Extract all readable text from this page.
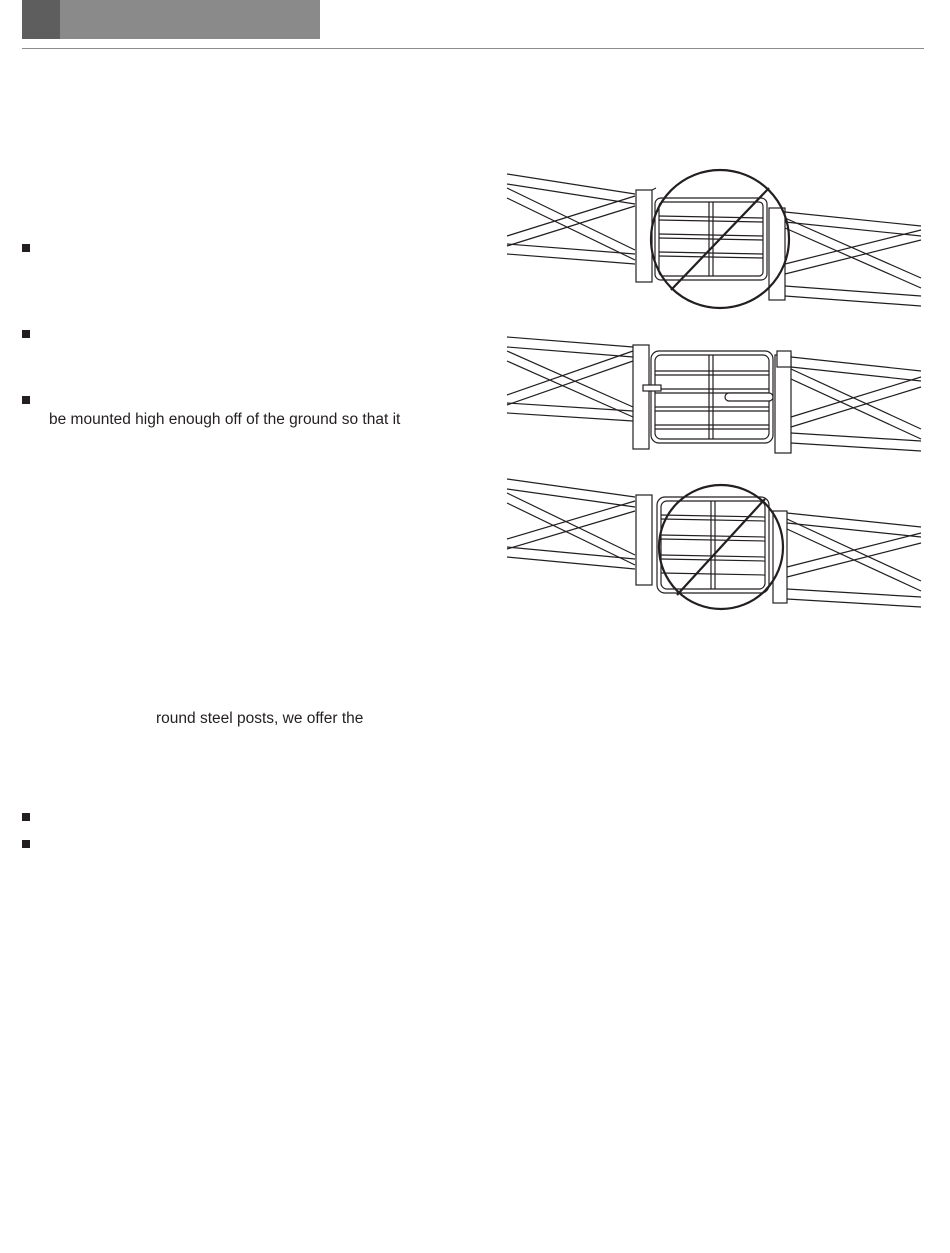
be mounted high enough off of the ground so that it
round steel posts, we offer the
